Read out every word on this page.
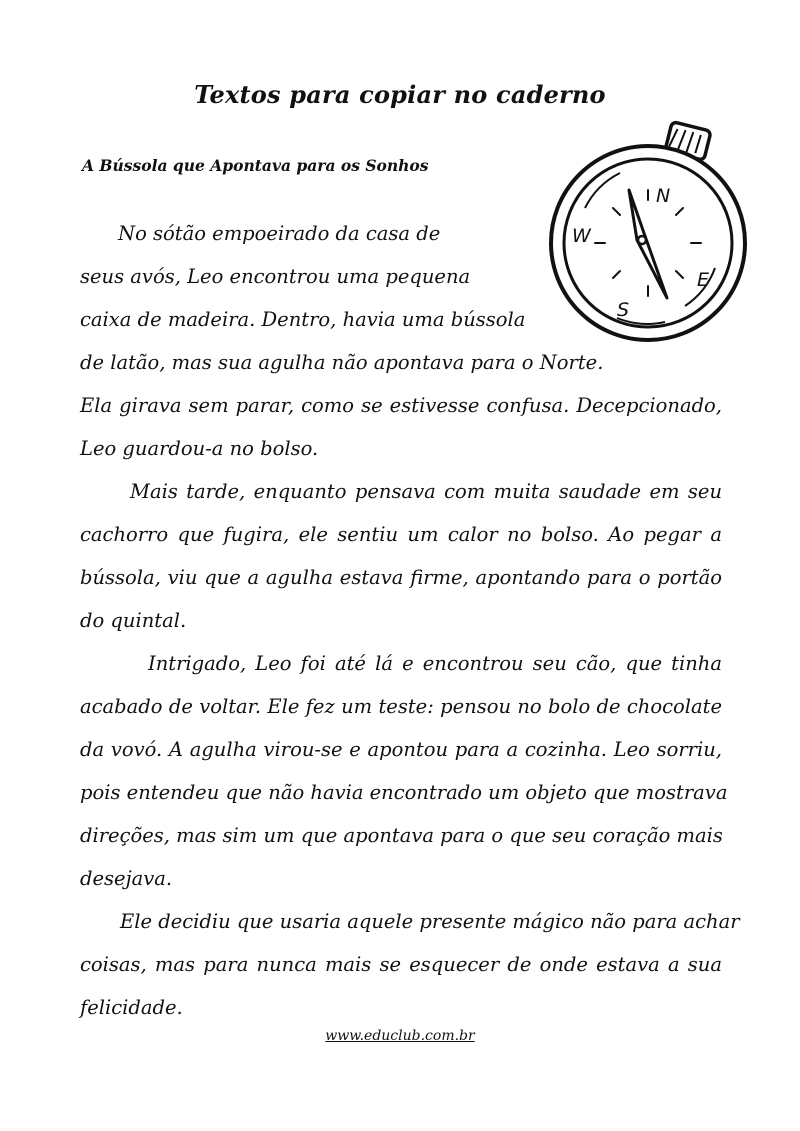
Textos para copiar no caderno
A Bússola que Apontava para os Sonhos
N
W
E
S

No sótão empoeirado da casa de

seus avós, Leo encontrou uma pequena

caixa de madeira. Dentro, havia uma bússola

de latão, mas sua agulha não apontava para o Norte.

Ela girava sem parar, como se estivesse confusa. Decepcionado,

Leo guardou-a no bolso.

Mais tarde, enquanto pensava com muita saudade em seu

cachorro que fugira, ele sentiu um calor no bolso. Ao pegar a

bússola, viu que a agulha estava firme, apontando para o portão

do quintal.

Intrigado, Leo foi até lá e encontrou seu cão, que tinha

acabado de voltar. Ele fez um teste: pensou no bolo de chocolate

da vovó. A agulha virou-se e apontou para a cozinha. Leo sorriu,

pois entendeu que não havia encontrado um objeto que mostrava

direções, mas sim um que apontava para o que seu coração mais

desejava.

Ele decidiu que usaria aquele presente mágico não para achar

coisas, mas para nunca mais se esquecer de onde estava a sua

felicidade.

www.educlub.com.br
